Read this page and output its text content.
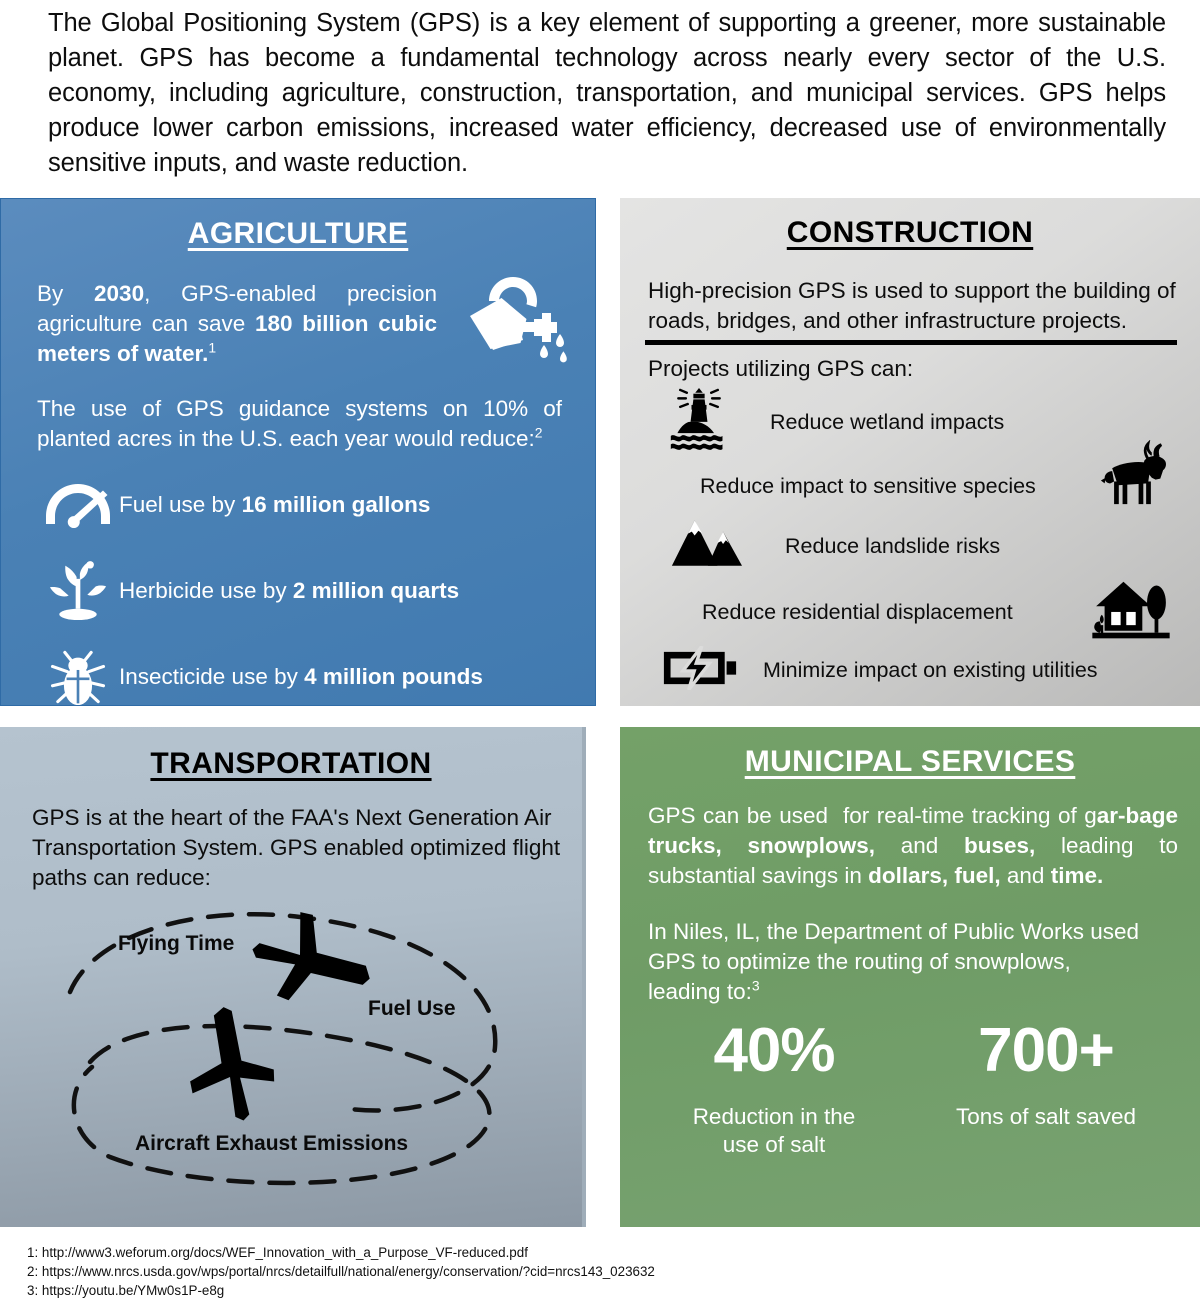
The Global Positioning System (GPS) is a key element of supporting a greener, more sustainable planet. GPS has become a fundamental technology across nearly every sector of the U.S. economy, including agriculture, construction, transportation, and municipal services. GPS helps produce lower carbon emissions, increased water efficiency, decreased use of environmentally sensitive inputs, and waste reduction.

AGRICULTURE
By 2030, GPS-enabled precision agriculture can save 180 billion cubic meters of water.$^1$
The use of GPS guidance systems on 10% of planted acres in the U.S. each year would reduce:$^2$
Fuel use by 16 million gallons
Herbicide use by 2 million quarts
Insecticide use by 4 million pounds
CONSTRUCTION
High-precision GPS is used to support the building of roads, bridges, and other infrastructure projects.
Projects utilizing GPS can:
Reduce wetland impacts
Reduce impact to sensitive species
Reduce landslide risks
Reduce residential displacement
Minimize impact on existing utilities
TRANSPORTATION
GPS is at the heart of the FAA's Next Generation Air Transportation System. GPS enabled optimized flight paths can reduce:
Flying Time
Fuel Use
Aircraft Exhaust Emissions
MUNICIPAL SERVICES
GPS can be used  for real-time tracking of gar-bage trucks, snowplows, and buses, leading to substantial savings in dollars, fuel, and time.
In Niles, IL, the Department of Public Works used GPS to optimize the routing of snowplows, leading to:$^3$
40%
Reduction in the use of salt
700+
Tons of salt saved
1: http://www3.weforum.org/docs/WEF_Innovation_with_a_Purpose_VF-reduced.pdf
2: https://www.nrcs.usda.gov/wps/portal/nrcs/detailfull/national/energy/conservation/?cid=nrcs143_023632
3: https://youtu.be/YMw0s1P-e8g
